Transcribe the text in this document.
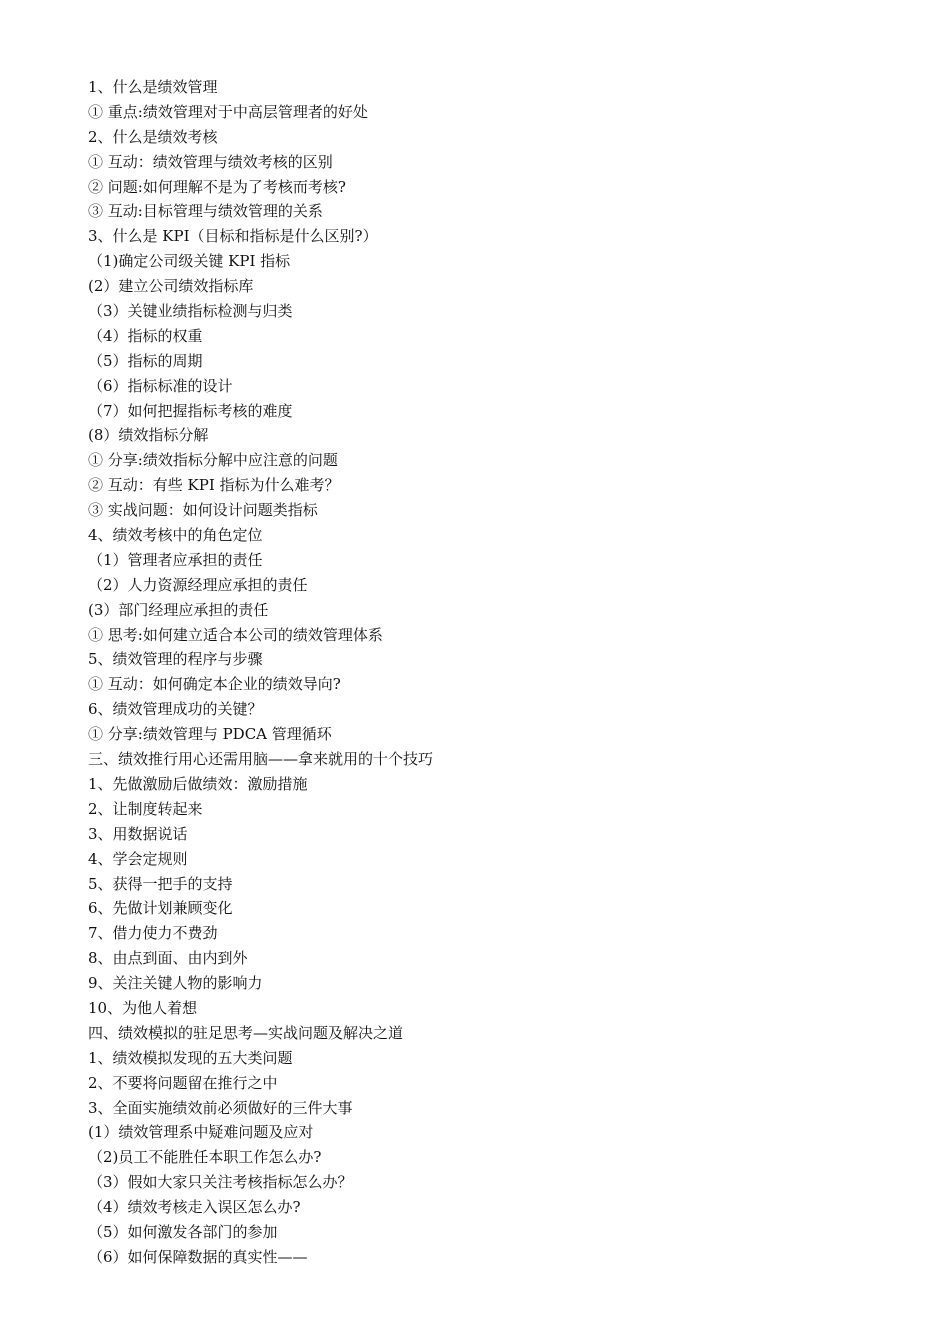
1、什么是绩效管理
① 重点:绩效管理对于中高层管理者的好处
2、什么是绩效考核
① 互动：绩效管理与绩效考核的区别
② 问题:如何理解不是为了考核而考核?
③ 互动:目标管理与绩效管理的关系
3、什么是 KPI（目标和指标是什么区别?）
（1)确定公司级关键 KPI 指标
(2）建立公司绩效指标库
（3）关键业绩指标检测与归类
（4）指标的权重
（5）指标的周期
（6）指标标准的设计
（7）如何把握指标考核的难度
(8）绩效指标分解
① 分享:绩效指标分解中应注意的问题
② 互动：有些 KPI 指标为什么难考？
③ 实战问题：如何设计问题类指标
4、绩效考核中的角色定位
（1）管理者应承担的责任
（2）人力资源经理应承担的责任
(3）部门经理应承担的责任
① 思考:如何建立适合本公司的绩效管理体系
5、绩效管理的程序与步骤
① 互动：如何确定本企业的绩效导向?
6、绩效管理成功的关键？
① 分享:绩效管理与 PDCA 管理循环
三、绩效推行用心还需用脑——拿来就用的十个技巧
1、先做激励后做绩效：激励措施
2、让制度转起来
3、用数据说话
4、学会定规则
5、获得一把手的支持
6、先做计划兼顾变化
7、借力使力不费劲
8、由点到面、由内到外
9、关注关键人物的影响力
10、为他人着想
四、绩效模拟的驻足思考—实战问题及解决之道
1、绩效模拟发现的五大类问题
2、不要将问题留在推行之中
3、全面实施绩效前必须做好的三件大事
(1）绩效管理系中疑难问题及应对
（2)员工不能胜任本职工作怎么办?
（3）假如大家只关注考核指标怎么办？
（4）绩效考核走入误区怎么办?
（5）如何激发各部门的参加
（6）如何保障数据的真实性——
